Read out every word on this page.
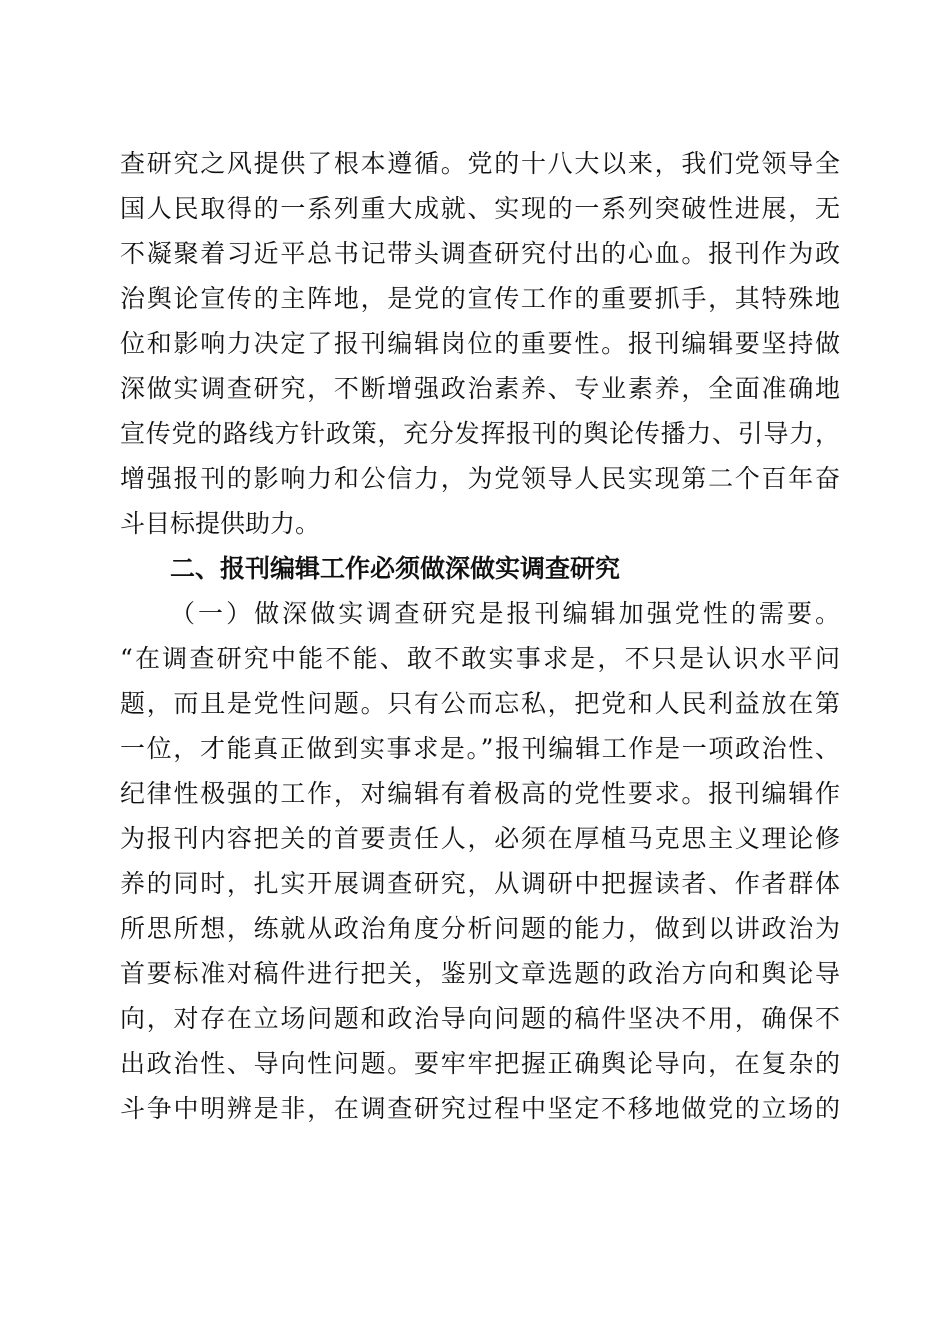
查研究之风提供了根本遵循。党的十八大以来，我们党领导全
国人民取得的一系列重大成就、实现的一系列突破性进展，无
不凝聚着习近平总书记带头调查研究付出的心血。报刊作为政
治舆论宣传的主阵地，是党的宣传工作的重要抓手，其特殊地
位和影响力决定了报刊编辑岗位的重要性。报刊编辑要坚持做
深做实调查研究，不断增强政治素养、专业素养，全面准确地
宣传党的路线方针政策，充分发挥报刊的舆论传播力、引导力，
增强报刊的影响力和公信力，为党领导人民实现第二个百年奋
斗目标提供助力。
二、报刊编辑工作必须做深做实调查研究
（一）做深做实调查研究是报刊编辑加强党性的需要。
“在调查研究中能不能、敢不敢实事求是，不只是认识水平问
题，而且是党性问题。只有公而忘私，把党和人民利益放在第
一位，才能真正做到实事求是。”报刊编辑工作是一项政治性、
纪律性极强的工作，对编辑有着极高的党性要求。报刊编辑作
为报刊内容把关的首要责任人，必须在厚植马克思主义理论修
养的同时，扎实开展调查研究，从调研中把握读者、作者群体
所思所想，练就从政治角度分析问题的能力，做到以讲政治为
首要标准对稿件进行把关，鉴别文章选题的政治方向和舆论导
向，对存在立场问题和政治导向问题的稿件坚决不用，确保不
出政治性、导向性问题。要牢牢把握正确舆论导向，在复杂的
斗争中明辨是非，在调查研究过程中坚定不移地做党的立场的
